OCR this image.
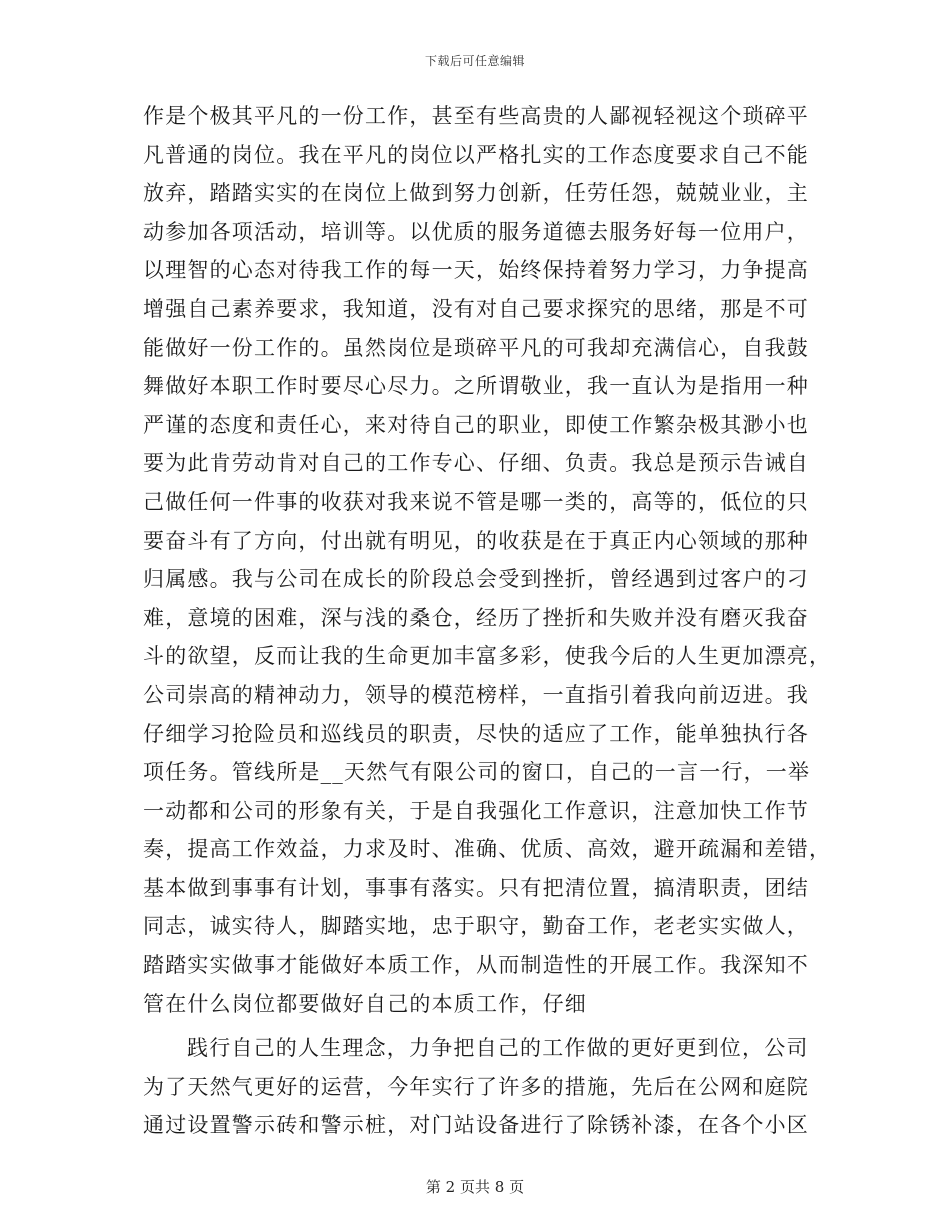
下载后可任意编辑
作是个极其平凡的一份工作，甚至有些高贵的人鄙视轻视这个琐碎平
凡普通的岗位。我在平凡的岗位以严格扎实的工作态度要求自己不能
放弃，踏踏实实的在岗位上做到努力创新，任劳任怨，兢兢业业，主
动参加各项活动，培训等。以优质的服务道德去服务好每一位用户，
以理智的心态对待我工作的每一天，始终保持着努力学习，力争提高
增强自己素养要求，我知道，没有对自己要求探究的思绪，那是不可
能做好一份工作的。虽然岗位是琐碎平凡的可我却充满信心，自我鼓
舞做好本职工作时要尽心尽力。之所谓敬业，我一直认为是指用一种
严谨的态度和责任心，来对待自己的职业，即使工作繁杂极其渺小也
要为此肯劳动肯对自己的工作专心、仔细、负责。我总是预示告诫自
己做任何一件事的收获对我来说不管是哪一类的，高等的，低位的只
要奋斗有了方向，付出就有明见，的收获是在于真正内心领域的那种
归属感。我与公司在成长的阶段总会受到挫折，曾经遇到过客户的刁
难，意境的困难，深与浅的桑仓，经历了挫折和失败并没有磨灭我奋
斗的欲望，反而让我的生命更加丰富多彩，使我今后的人生更加漂亮，
公司崇高的精神动力，领导的模范榜样，一直指引着我向前迈进。我
仔细学习抢险员和巡线员的职责，尽快的适应了工作，能单独执行各
项任务。管线所是__天然气有限公司的窗口，自己的一言一行，一举
一动都和公司的形象有关，于是自我强化工作意识，注意加快工作节
奏，提高工作效益，力求及时、准确、优质、高效，避开疏漏和差错，
基本做到事事有计划，事事有落实。只有把清位置，搞清职责，团结
同志，诚实待人，脚踏实地，忠于职守，勤奋工作，老老实实做人，
踏踏实实做事才能做好本质工作，从而制造性的开展工作。我深知不
管在什么岗位都要做好自己的本质工作，仔细
践行自己的人生理念，力争把自己的工作做的更好更到位，公司
为了天然气更好的运营，今年实行了许多的措施，先后在公网和庭院
通过设置警示砖和警示桩，对门站设备进行了除锈补漆，在各个小区
第 2 页共 8 页
